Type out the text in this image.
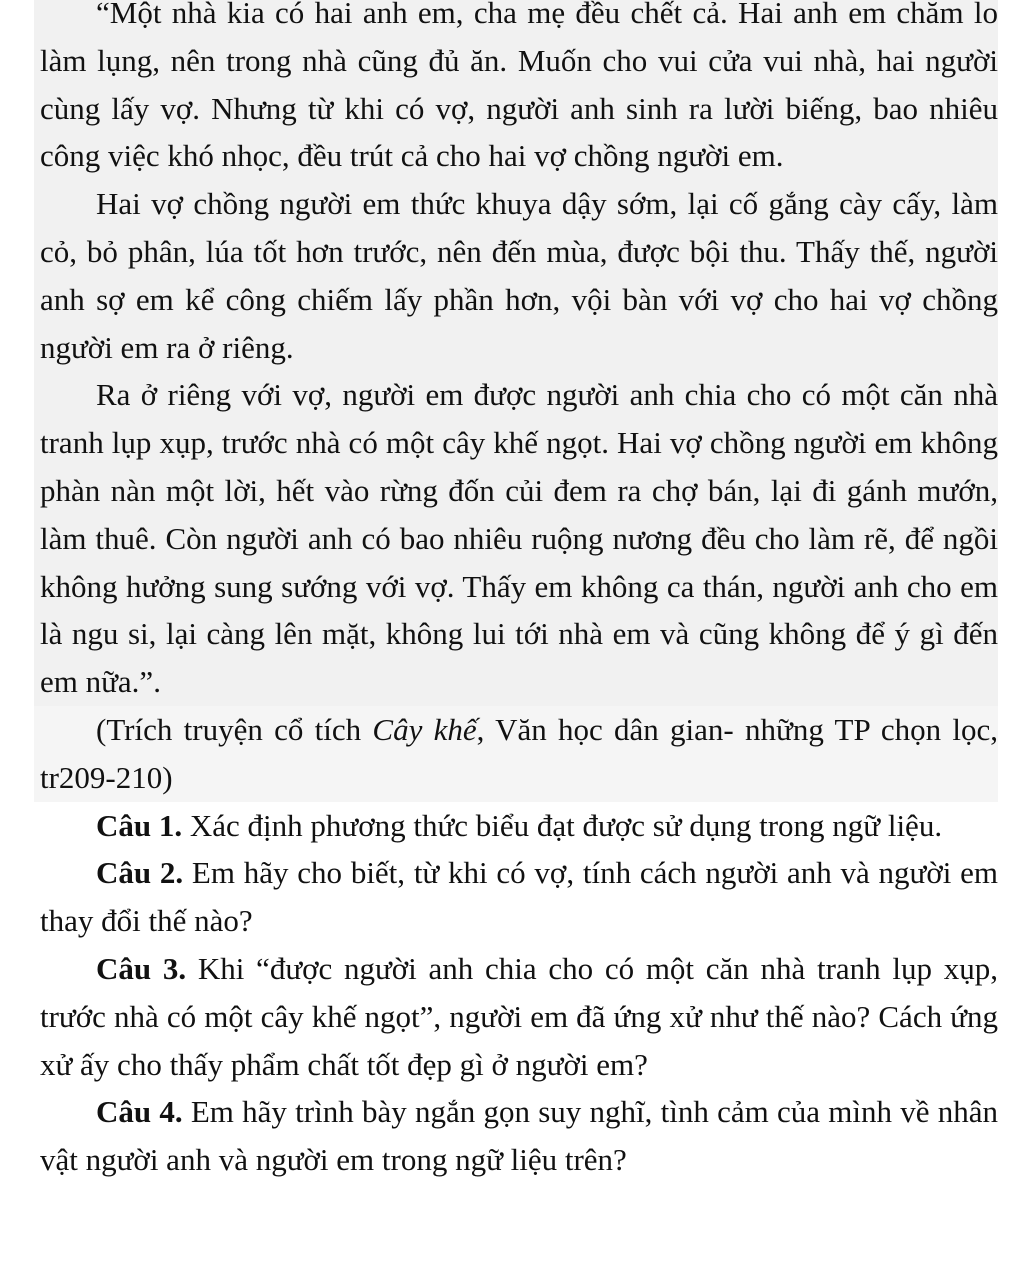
“Một nhà kia có hai anh em, cha mẹ đều chết cả. Hai anh em chăm lo làm lụng, nên trong nhà cũng đủ ăn. Muốn cho vui cửa vui nhà, hai người cùng lấy vợ. Nhưng từ khi có vợ, người anh sinh ra lười biếng, bao nhiêu công việc khó nhọc, đều trút cả cho hai vợ chồng người em.

Hai vợ chồng người em thức khuya dậy sớm, lại cố gắng cày cấy, làm cỏ, bỏ phân, lúa tốt hơn trước, nên đến mùa, được bội thu. Thấy thế, người anh sợ em kể công chiếm lấy phần hơn, vội bàn với vợ cho hai vợ chồng người em ra ở riêng.

Ra ở riêng với vợ, người em được người anh chia cho có một căn nhà tranh lụp xụp, trước nhà có một cây khế ngọt. Hai vợ chồng người em không phàn nàn một lời, hết vào rừng đốn củi đem ra chợ bán, lại đi gánh mướn, làm thuê. Còn người anh có bao nhiêu ruộng nương đều cho làm rẽ, để ngồi không hưởng sung sướng với vợ. Thấy em không ca thán, người anh cho em là ngu si, lại càng lên mặt, không lui tới nhà em và cũng không để ý gì đến em nữa.”.

(Trích truyện cổ tích Cây khế, Văn học dân gian- những TP chọn lọc, tr209-210)

Câu 1. Xác định phương thức biểu đạt được sử dụng trong ngữ liệu.

Câu 2. Em hãy cho biết, từ khi có vợ, tính cách người anh và người em thay đổi thế nào?

Câu 3. Khi “được người anh chia cho có một căn nhà tranh lụp xụp, trước nhà có một cây khế ngọt”, người em đã ứng xử như thế nào? Cách ứng xử ấy cho thấy phẩm chất tốt đẹp gì ở người em?

Câu 4. Em hãy trình bày ngắn gọn suy nghĩ, tình cảm của mình về nhân vật người anh và người em trong ngữ liệu trên?
